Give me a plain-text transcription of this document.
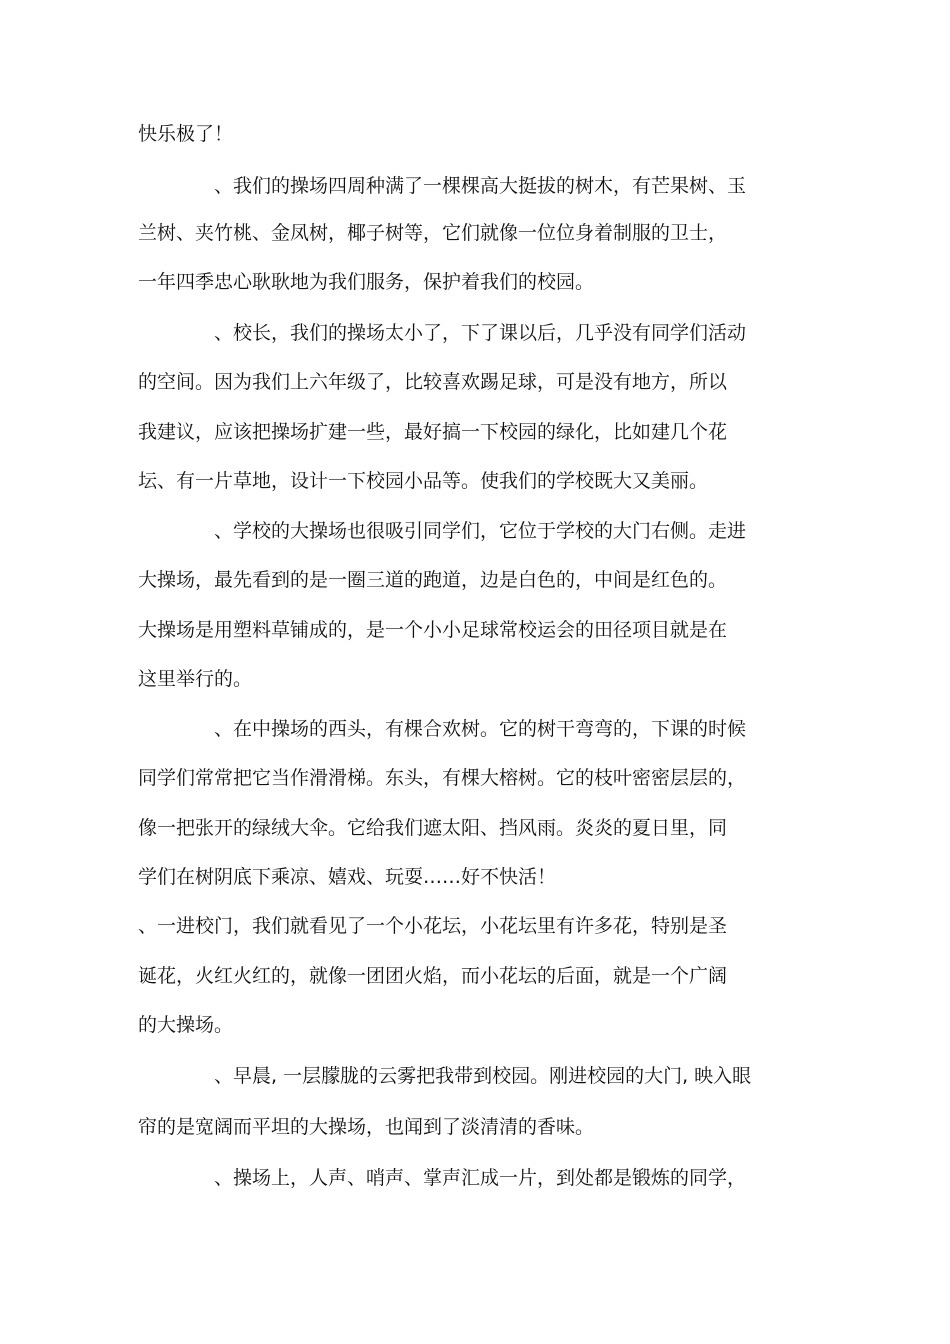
快乐极了！
、我们的操场四周种满了一棵棵高大挺拔的树木，有芒果树、玉
兰树、夹竹桃、金凤树，椰子树等，它们就像一位位身着制服的卫士，
一年四季忠心耿耿地为我们服务，保护着我们的校园。
、校长，我们的操场太小了，下了课以后，几乎没有同学们活动
的空间。因为我们上六年级了，比较喜欢踢足球，可是没有地方，所以
我建议，应该把操场扩建一些，最好搞一下校园的绿化，比如建几个花
坛、有一片草地，设计一下校园小品等。使我们的学校既大又美丽。
、学校的大操场也很吸引同学们，它位于学校的大门右侧。走进
大操场，最先看到的是一圈三道的跑道，边是白色的，中间是红色的。
大操场是用塑料草铺成的，是一个小小足球常校运会的田径项目就是在
这里举行的。
、在中操场的西头，有棵合欢树。它的树干弯弯的，下课的时候
同学们常常把它当作滑滑梯。东头，有棵大榕树。它的枝叶密密层层的，
像一把张开的绿绒大伞。它给我们遮太阳、挡风雨。炎炎的夏日里，同
学们在树阴底下乘凉、嬉戏、玩耍……好不快活！
、一进校门，我们就看见了一个小花坛，小花坛里有许多花，特别是圣
诞花，火红火红的，就像一团团火焰，而小花坛的后面，就是一个广阔
的大操场。
、早晨, 一层朦胧的云雾把我带到校园。刚进校园的大门, 映入眼
帘的是宽阔而平坦的大操场，也闻到了淡清清的香味。
、操场上，人声、哨声、掌声汇成一片，到处都是锻炼的同学，
